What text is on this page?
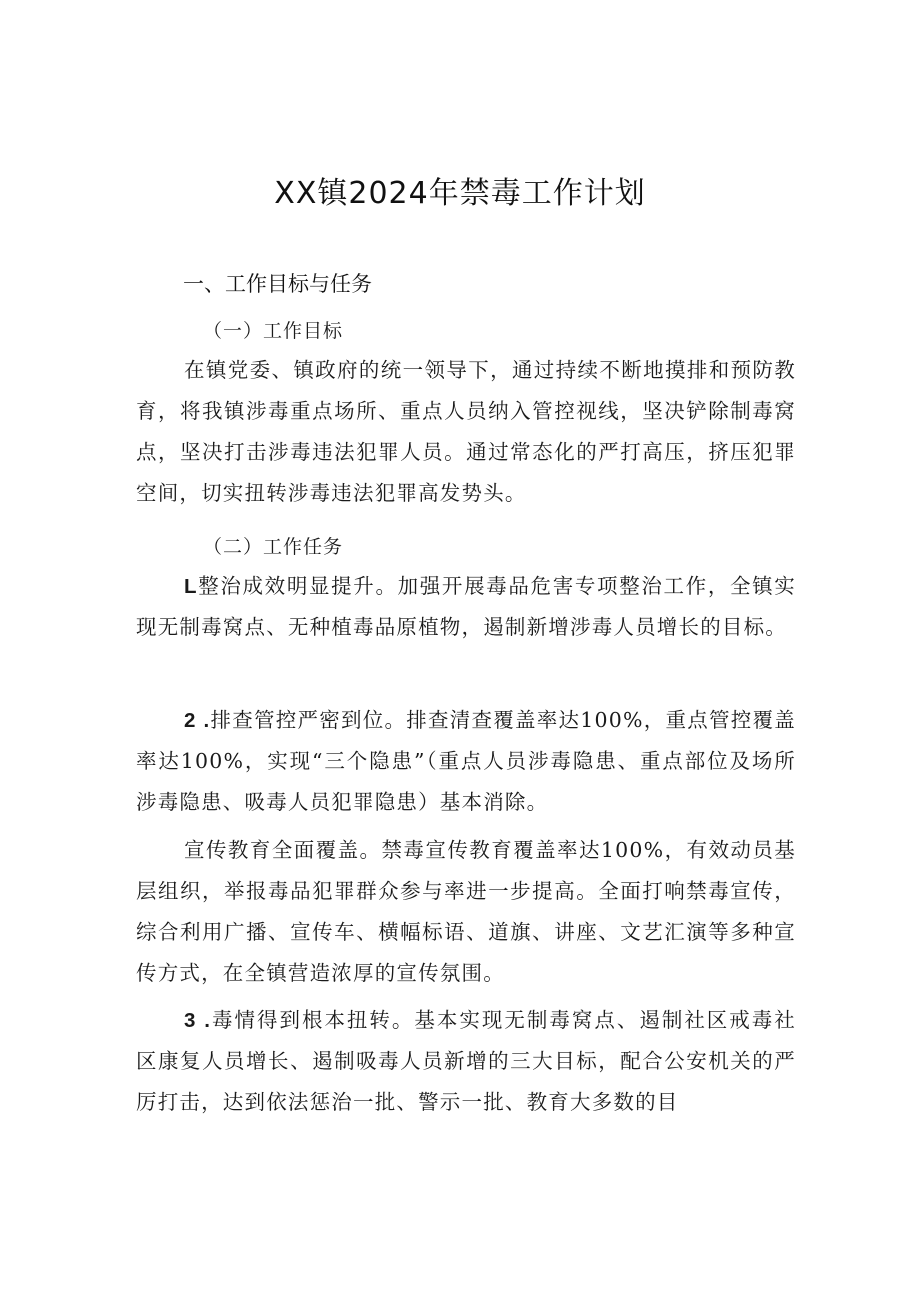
XX镇2024年禁毒工作计划
一、工作目标与任务
（一）工作目标

在镇党委、镇政府的统一领导下，通过持续不断地摸排和预防教育，将我镇涉毒重点场所、重点人员纳入管控视线，坚决铲除制毒窝点，坚决打击涉毒违法犯罪人员。通过常态化的严打高压，挤压犯罪空间，切实扭转涉毒违法犯罪高发势头。

（二）工作任务

L整治成效明显提升。加强开展毒品危害专项整治工作，全镇实现无制毒窝点、无种植毒品原植物，遏制新增涉毒人员增长的目标。

2 .排查管控严密到位。排查清查覆盖率达100%，重点管控覆盖率达100%，实现“三个隐患”（重点人员涉毒隐患、重点部位及场所涉毒隐患、吸毒人员犯罪隐患）基本消除。

宣传教育全面覆盖。禁毒宣传教育覆盖率达100%，有效动员基层组织，举报毒品犯罪群众参与率进一步提高。全面打响禁毒宣传，综合利用广播、宣传车、横幅标语、道旗、讲座、文艺汇演等多种宣传方式，在全镇营造浓厚的宣传氛围。

3 .毒情得到根本扭转。基本实现无制毒窝点、遏制社区戒毒社区康复人员增长、遏制吸毒人员新增的三大目标，配合公安机关的严厉打击，达到依法惩治一批、警示一批、教育大多数的目
